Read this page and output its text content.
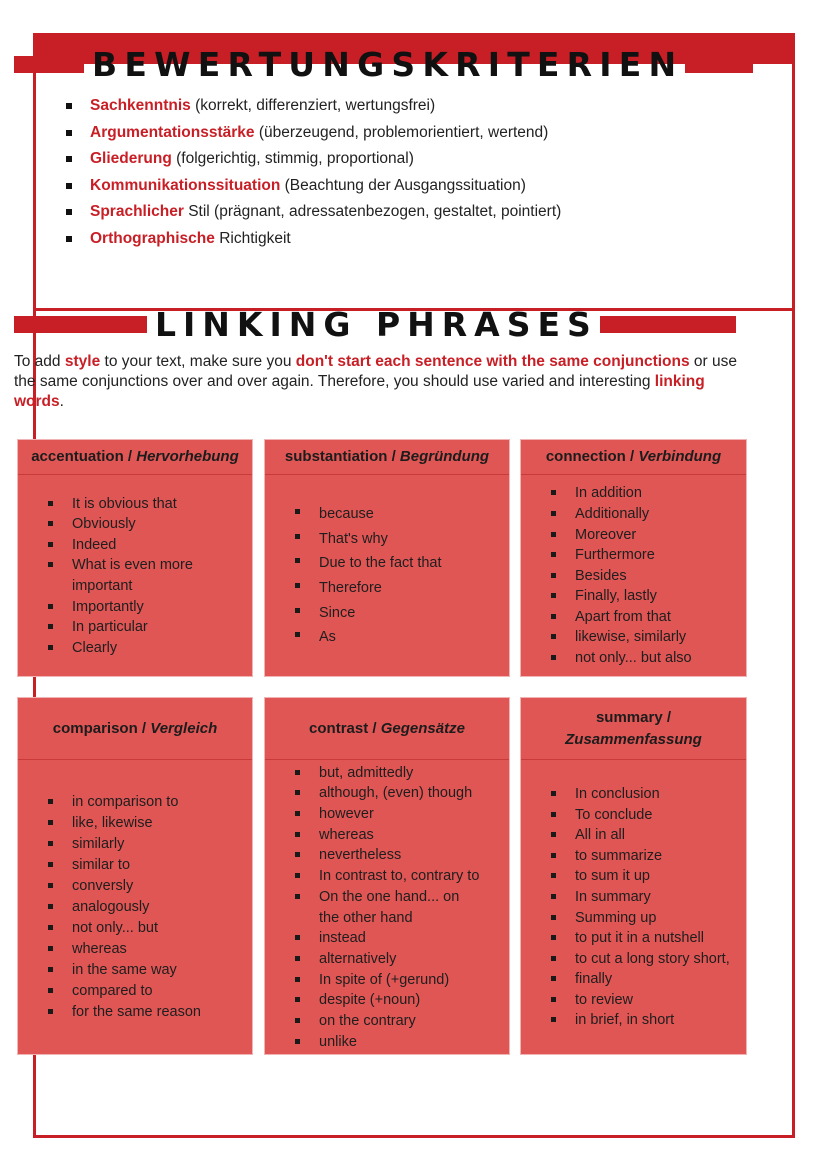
BEWERTUNGSKRITERIEN
Sachkenntnis (korrekt, differenziert, wertungsfrei)
Argumentationsstärke (überzeugend, problemorientiert, wertend)
Gliederung (folgerichtig, stimmig, proportional)
Kommunikationssituation (Beachtung der Ausgangssituation)
Sprachlicher Stil (prägnant, adressatenbezogen, gestaltet, pointiert)
Orthographische Richtigkeit
LINKING PHRASES

To add style to your text, make sure you don't start each sentence with the same conjunctions or use the same conjunctions over and over again. Therefore, you should use varied and interesting linking words.

accentuation / Hervorhebung
It is obvious that
Obviously
Indeed
What is even more important
Importantly
In particular
Clearly
substantiation / Begründung
because
That's why
Due to the fact that
Therefore
Since
As
connection / Verbindung
In addition
Additionally
Moreover
Furthermore
Besides
Finally, lastly
Apart from that
likewise, similarly
not only... but also
comparison / Vergleich
in comparison to
like, likewise
similarly
similar to
conversly
analogously
not only... but
whereas
in the same way
compared to
for the same reason
contrast / Gegensätze
but, admittedly
although, (even) though
however
whereas
nevertheless
In contrast to, contrary to
On the one hand... on the other hand
instead
alternatively
In spite of (+gerund)
despite (+noun)
on the contrary
unlike
summary /
Zusammenfassung
In conclusion
To conclude
All in all
to summarize
to sum it up
In summary
Summing up
to put it in a nutshell
to cut a long story short,
finally
to review
in brief, in short
